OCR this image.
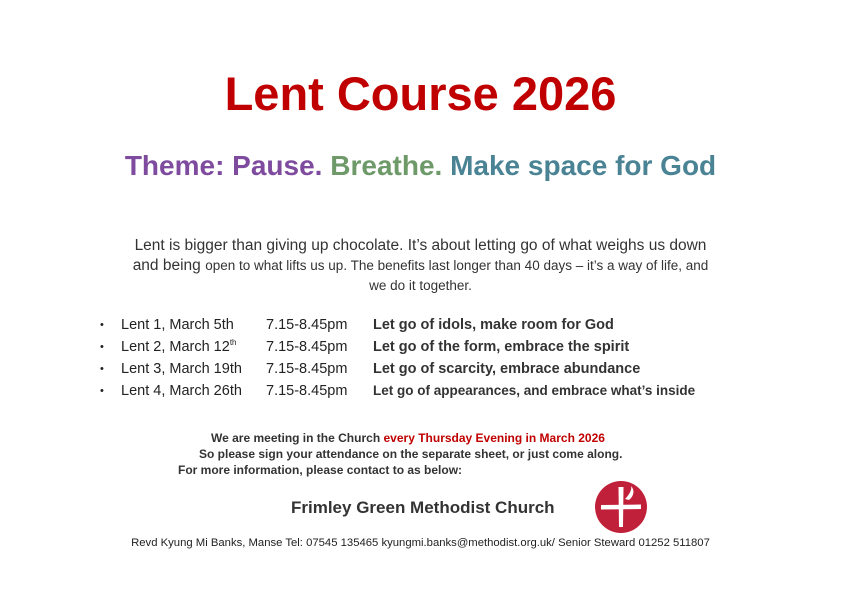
Lent Course 2026
Theme: Pause. Breathe. Make space for God
Lent is bigger than giving up chocolate. It’s about letting go of what weighs us down
and being open to what lifts us up. The benefits last longer than 40 days – it’s a way of life, and
we do it together.
•	Lent 1, March 5th 7.15-8.45pm Let go of idols, make room for God
•	Lent 2, March 12th 7.15-8.45pm Let go of the form, embrace the spirit
•	Lent 3, March 19th 7.15-8.45pm Let go of scarcity, embrace abundance
•	Lent 4, March 26th 7.15-8.45pm Let go of appearances, and embrace what’s inside
We are meeting in the Church every Thursday Evening in March 2026
So please sign your attendance on the separate sheet, or just come along.
For more information, please contact to as below:
Frimley Green Methodist Church
Revd Kyung Mi Banks, Manse Tel: 07545 135465 kyungmi.banks@methodist.org.uk/ Senior Steward 01252 511807
